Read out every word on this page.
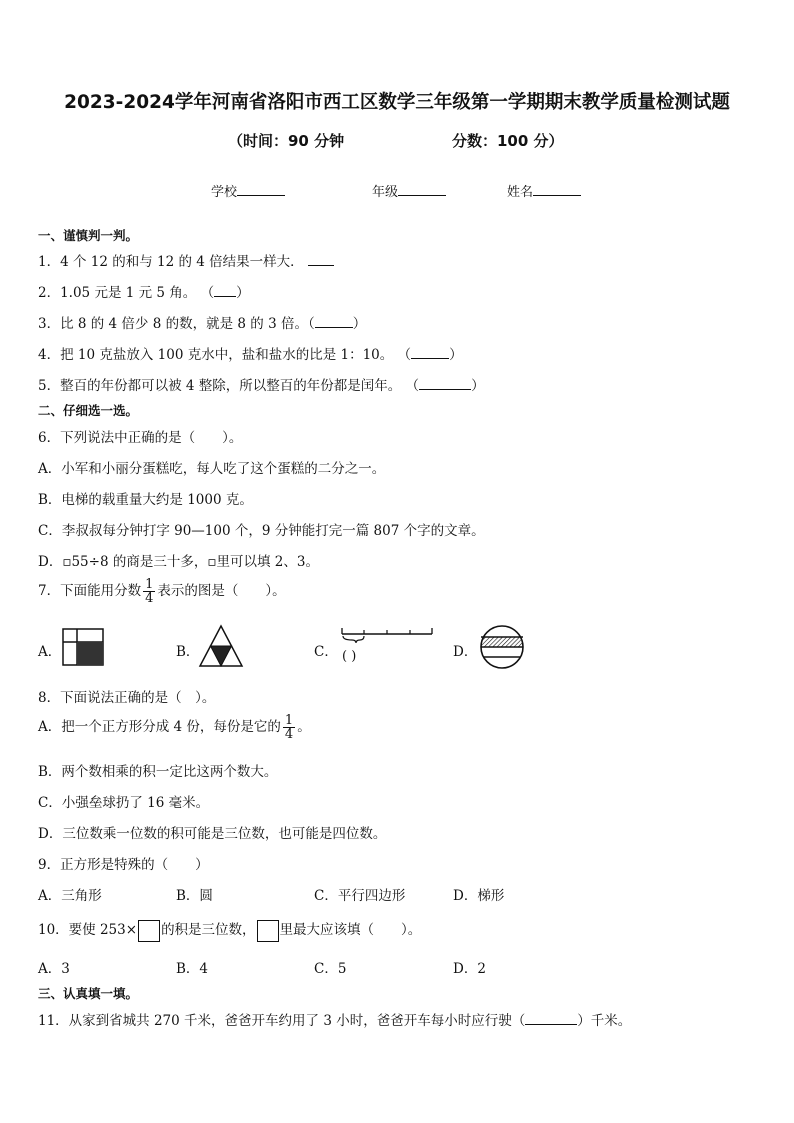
2023-2024学年河南省洛阳市西工区数学三年级第一学期期末教学质量检测试题
（时间：90 分钟	分数：100 分）
学校	年级	姓名
一、谨慎判一判。
1．4 个 12 的和与 12 的 4 倍结果一样大．
2．1.05 元是 1 元 5 角。 （ ）
3．比 8 的 4 倍少 8 的数，就是 8 的 3 倍。（	）
4．把 10 克盐放入 100 克水中，盐和盐水的比是 1：10。 （	）
5．整百的年份都可以被 4 整除，所以整百的年份都是闰年。 （	）
二、仔细选一选。
6．下列说法中正确的是（　　）。
A．小军和小丽分蛋糕吃，每人吃了这个蛋糕的二分之一。
B．电梯的载重量大约是 1000 克。
C．李叔叔每分钟打字 90—100 个，9 分钟能打完一篇 807 个字的文章。
D．▫55÷8 的商是三十多，▫里可以填 2、3。
7．下面能用分数 $\frac{1}{4}$ 表示的图是（　　）。
A．	B．	C． ( )	D．
8．下面说法正确的是（　）。
A．把一个正方形分成 4 份，每份是它的 $\frac{1}{4}$ 。
B．两个数相乘的积一定比这两个数大。
C．小强垒球扔了 16 毫米。
D．三位数乘一位数的积可能是三位数，也可能是四位数。
9．正方形是特殊的（　　）
A．三角形	B．圆	C．平行四边形	D．梯形
10．要使 253× 的积是三位数， 里最大应该填（　　）。
A．3	B．4	C．5	D．2
三、认真填一填。
11．从家到省城共 270 千米，爸爸开车约用了 3 小时，爸爸开车每小时应行驶（	）千米。
